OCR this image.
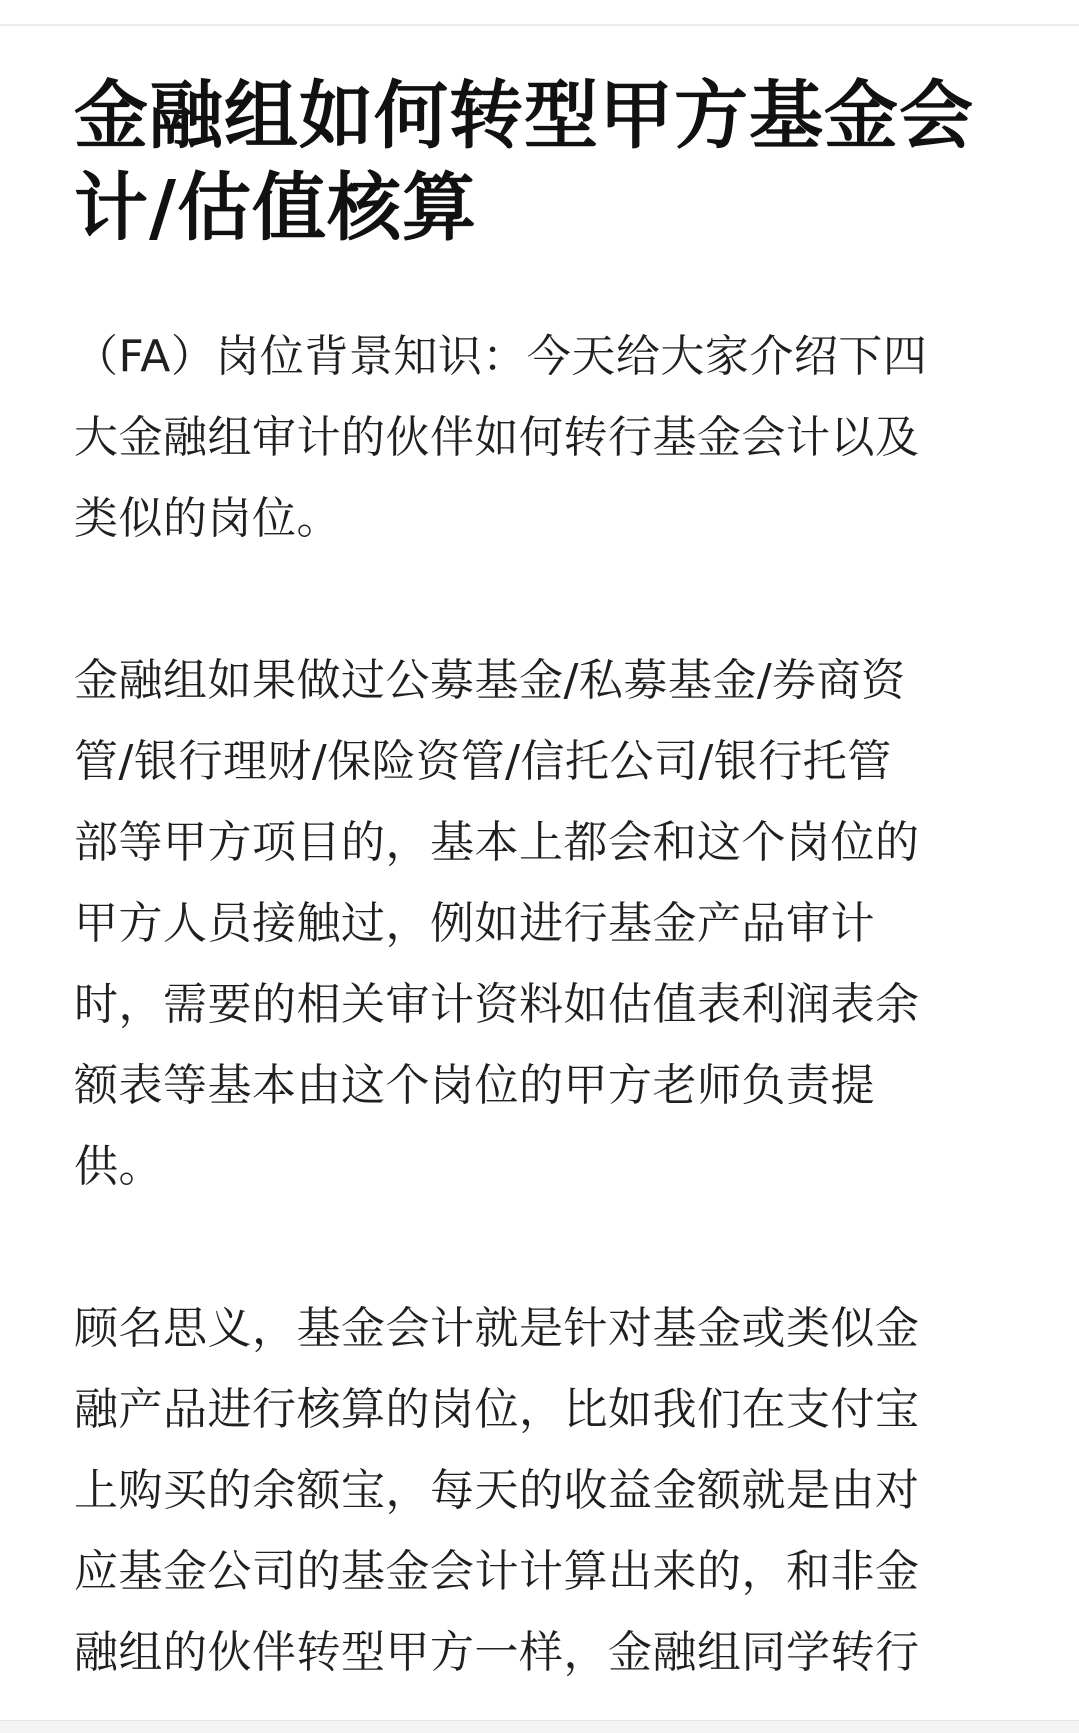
金融组如何转型甲方基金会
计/估值核算

（FA）岗位背景知识：今天给大家介绍下四
大金融组审计的伙伴如何转行基金会计以及
类似的岗位。

金融组如果做过公募基金/私募基金/券商资
管/银行理财/保险资管/信托公司/银行托管
部等甲方项目的，基本上都会和这个岗位的
甲方人员接触过，例如进行基金产品审计
时，需要的相关审计资料如估值表利润表余
额表等基本由这个岗位的甲方老师负责提
供。

顾名思义，基金会计就是针对基金或类似金
融产品进行核算的岗位，比如我们在支付宝
上购买的余额宝，每天的收益金额就是由对
应基金公司的基金会计计算出来的，和非金
融组的伙伴转型甲方一样，金融组同学转行
